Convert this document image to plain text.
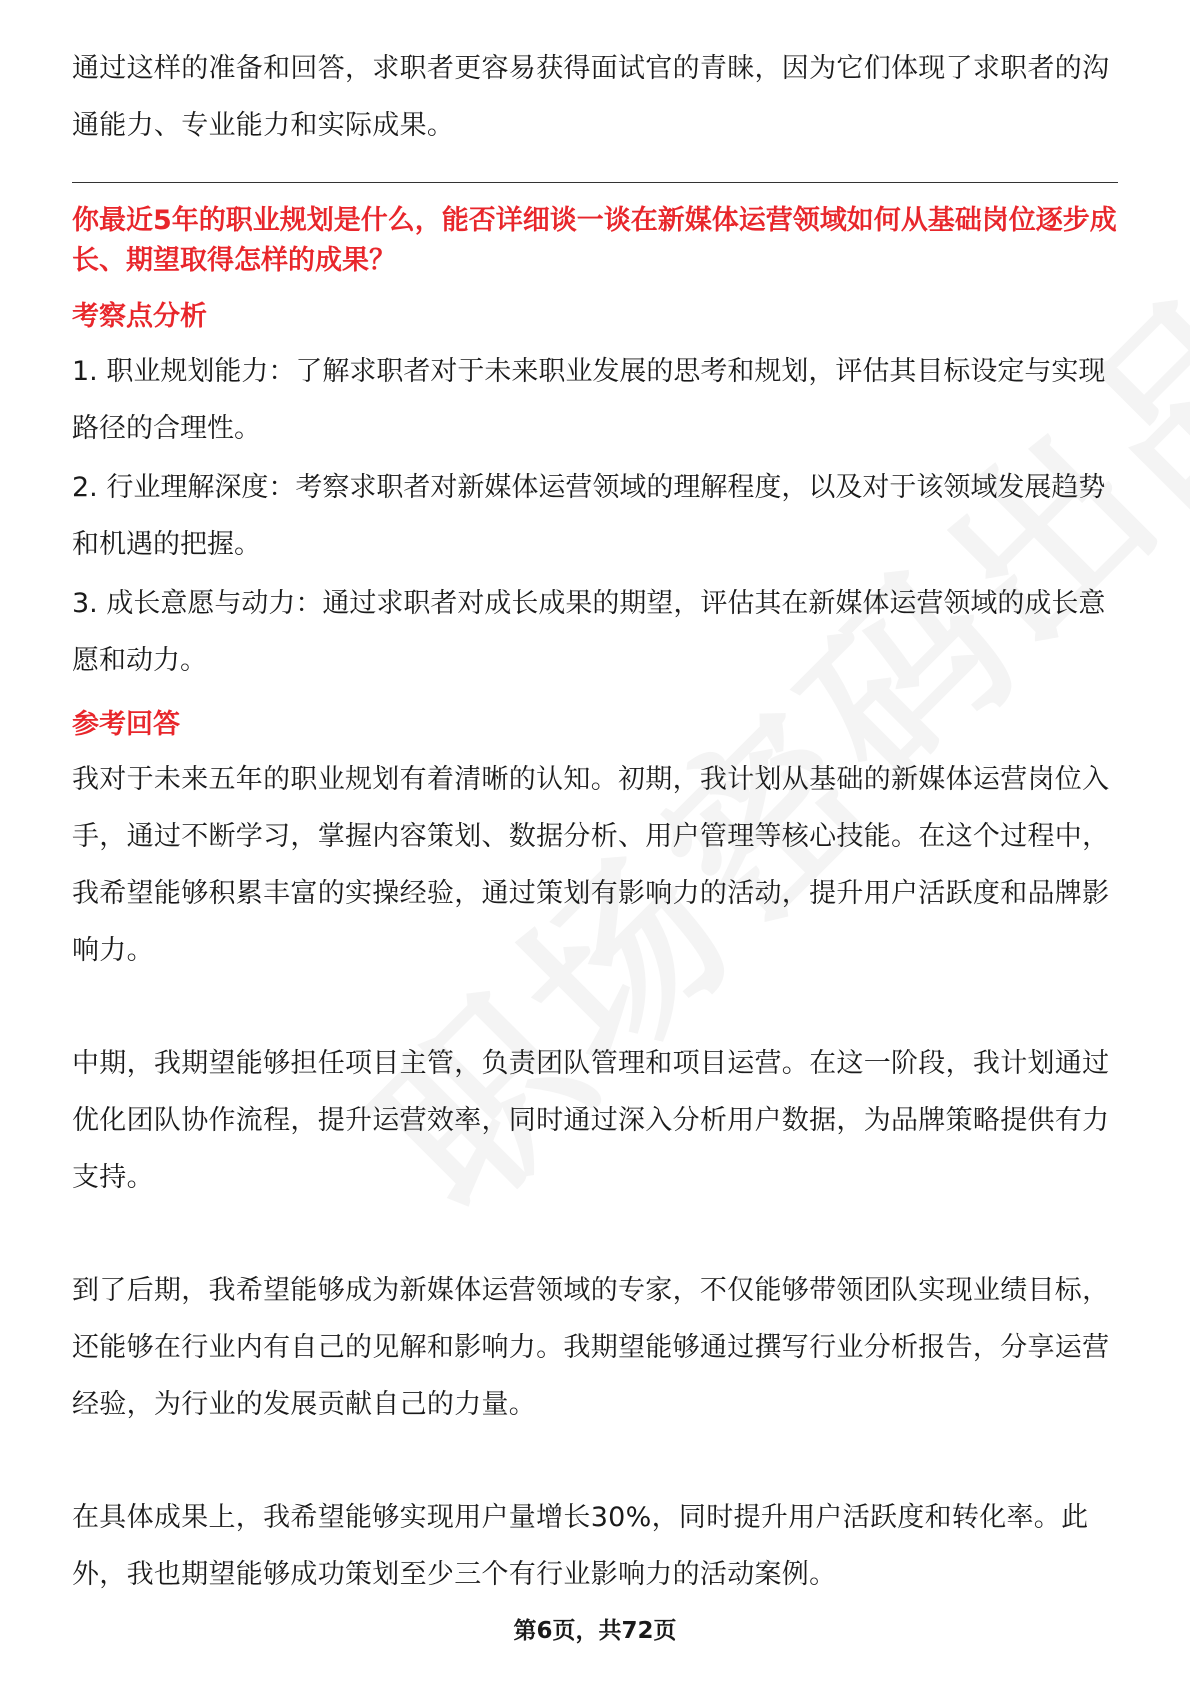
通过这样的准备和回答，求职者更容易获得面试官的青睐，因为它们体现了求职者的沟通能力、专业能力和实际成果。

你最近5年的职业规划是什么，能否详细谈一谈在新媒体运营领域如何从基础岗位逐步成长、期望取得怎样的成果？

考察点分析

1. 职业规划能力：了解求职者对于未来职业发展的思考和规划，评估其目标设定与实现路径的合理性。

2. 行业理解深度：考察求职者对新媒体运营领域的理解程度，以及对于该领域发展趋势和机遇的把握。

3. 成长意愿与动力：通过求职者对成长成果的期望，评估其在新媒体运营领域的成长意愿和动力。

参考回答

我对于未来五年的职业规划有着清晰的认知。初期，我计划从基础的新媒体运营岗位入手，通过不断学习，掌握内容策划、数据分析、用户管理等核心技能。在这个过程中，我希望能够积累丰富的实操经验，通过策划有影响力的活动，提升用户活跃度和品牌影响力。

中期，我期望能够担任项目主管，负责团队管理和项目运营。在这一阶段，我计划通过优化团队协作流程，提升运营效率，同时通过深入分析用户数据，为品牌策略提供有力支持。

到了后期，我希望能够成为新媒体运营领域的专家，不仅能够带领团队实现业绩目标，还能够在行业内有自己的见解和影响力。我期望能够通过撰写行业分析报告，分享运营经验，为行业的发展贡献自己的力量。

在具体成果上，我希望能够实现用户量增长30%，同时提升用户活跃度和转化率。此外，我也期望能够成功策划至少三个有行业影响力的活动案例。

第6页，共72页
